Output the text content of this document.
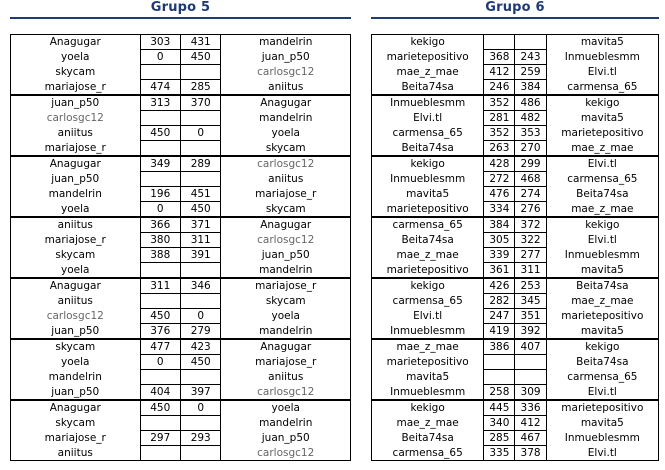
Grupo 5
Anagugar	303	431	mandelrin
yoela	0	450	juan_p50
skycam			carlosgc12
mariajose_r	474	285	aniitus
juan_p50	313	370	Anagugar
carlosgc12			mandelrin
aniitus	450	0	yoela
mariajose_r			skycam
Anagugar	349	289	carlosgc12
juan_p50			aniitus
mandelrin	196	451	mariajose_r
yoela	0	450	skycam
aniitus	366	371	Anagugar
mariajose_r	380	311	carlosgc12
skycam	388	391	juan_p50
yoela			mandelrin
Anagugar	311	346	mariajose_r
aniitus			skycam
carlosgc12	450	0	yoela
juan_p50	376	279	mandelrin
skycam	477	423	Anagugar
yoela	0	450	mariajose_r
mandelrin			aniitus
juan_p50	404	397	carlosgc12
Anagugar	450	0	yoela
skycam			mandelrin
mariajose_r	297	293	juan_p50
aniitus			carlosgc12
Grupo 6
kekigo			mavita5
marietepositivo	368	243	Inmueblesmm
mae_z_mae	412	259	Elvi.tl
Beita74sa	246	384	carmensa_65
Inmueblesmm	352	486	kekigo
Elvi.tl	281	482	mavita5
carmensa_65	352	353	marietepositivo
Beita74sa	263	270	mae_z_mae
kekigo	428	299	Elvi.tl
Inmueblesmm	272	468	carmensa_65
mavita5	476	274	Beita74sa
marietepositivo	334	276	mae_z_mae
carmensa_65	384	372	kekigo
Beita74sa	305	322	Elvi.tl
mae_z_mae	339	277	Inmueblesmm
marietepositivo	361	311	mavita5
kekigo	426	253	Beita74sa
carmensa_65	282	345	mae_z_mae
Elvi.tl	247	351	marietepositivo
Inmueblesmm	419	392	mavita5
mae_z_mae	386	407	kekigo
marietepositivo			Beita74sa
mavita5			carmensa_65
Inmueblesmm	258	309	Elvi.tl
kekigo	445	336	marietepositivo
mae_z_mae	340	412	mavita5
Beita74sa	285	467	Inmueblesmm
carmensa_65	335	378	Elvi.tl
